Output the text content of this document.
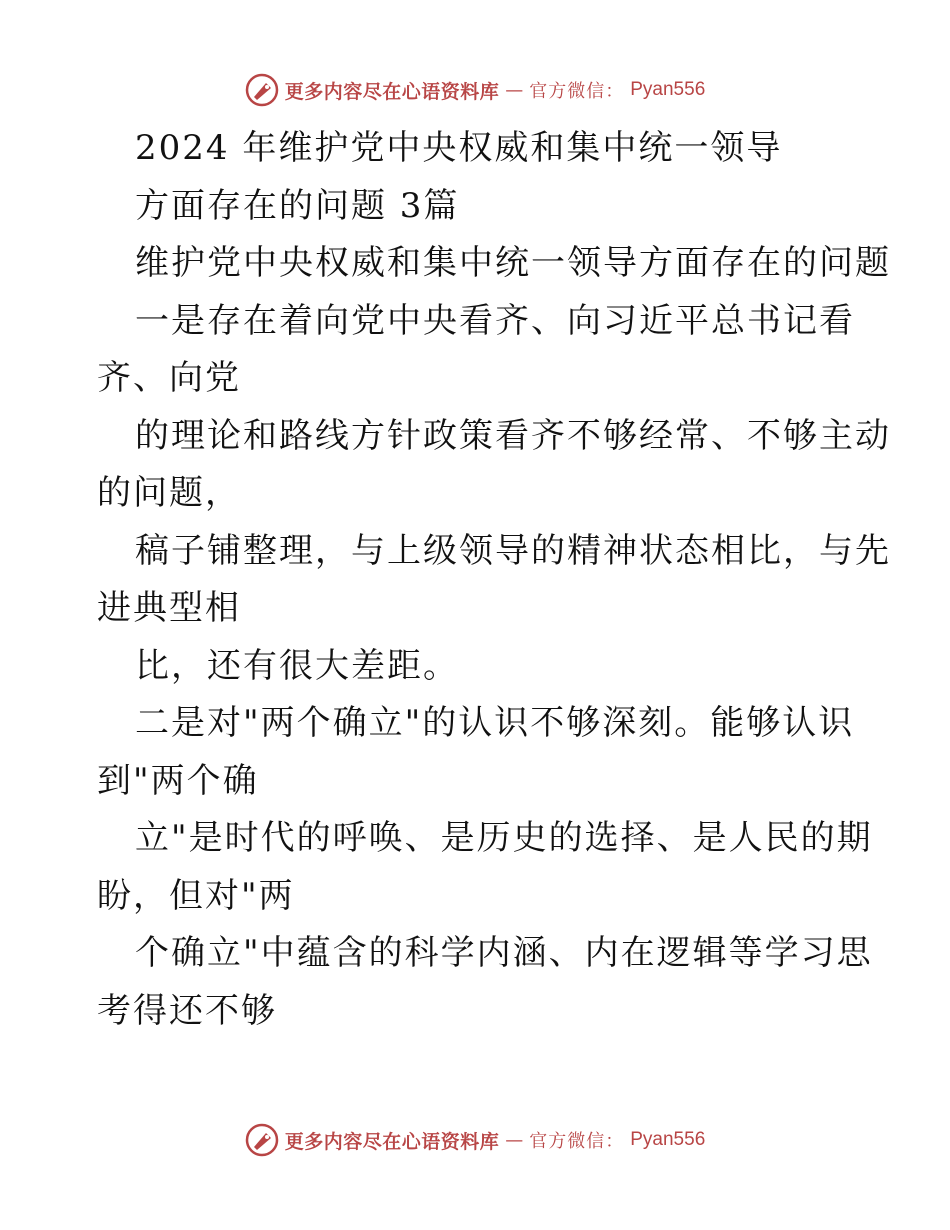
更多内容尽在心语资料库 — 官方微信： Pyan556
2024 年维护党中央权威和集中统一领导
方面存在的问题 3篇
维护党中央权威和集中统一领导方面存在的问题
一是存在着向党中央看齐、向习近平总书记看
齐、向党
的理论和路线方针政策看齐不够经常、不够主动
的问题，
稿子铺整理，与上级领导的精神状态相比，与先
进典型相
比，还有很大差距。
二是对"两个确立"的认识不够深刻。能够认识
到"两个确
立"是时代的呼唤、是历史的选择、是人民的期
盼，但对"两
个确立"中蕴含的科学内涵、内在逻辑等学习思
考得还不够
更多内容尽在心语资料库 — 官方微信： Pyan556
